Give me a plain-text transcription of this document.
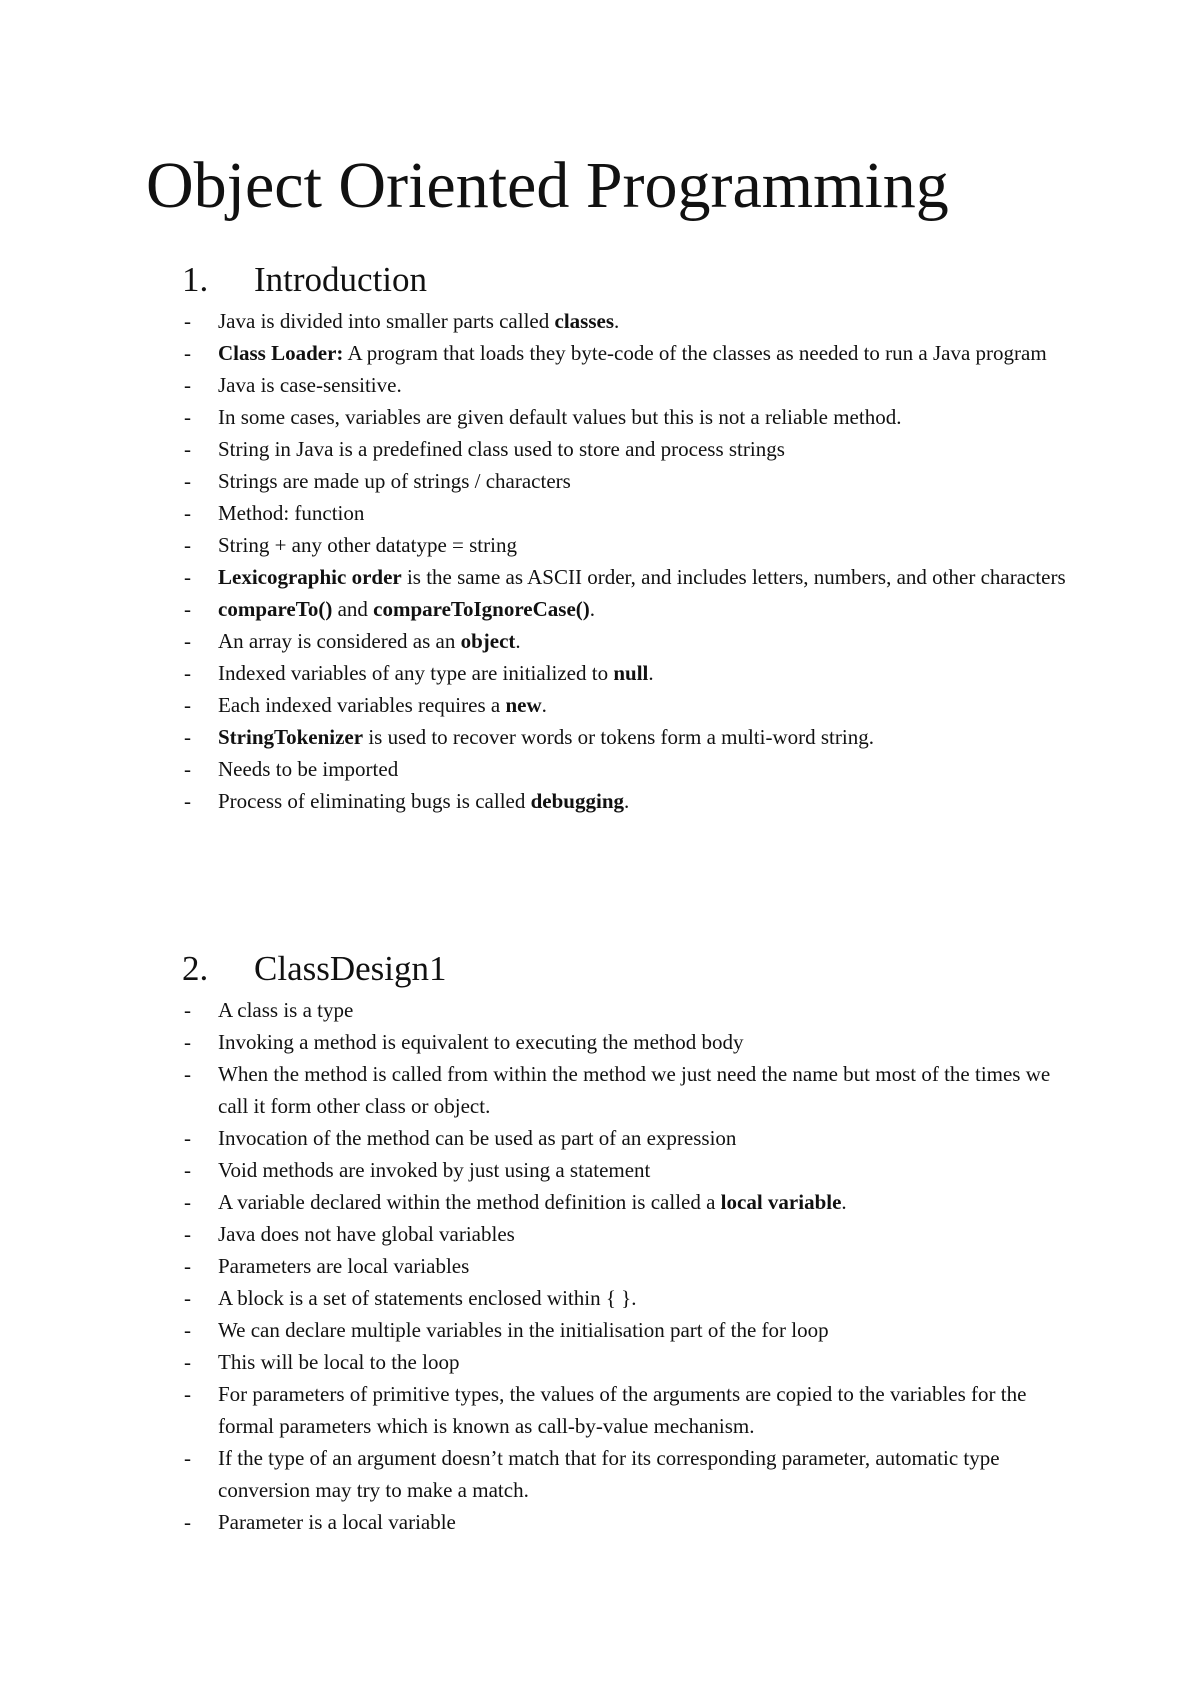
Object Oriented Programming
1. Introduction
- Java is divided into smaller parts called classes.
- Class Loader: A program that loads they byte-code of the classes as needed to run a Java program
- Java is case-sensitive.
- In some cases, variables are given default values but this is not a reliable method.
- String in Java is a predefined class used to store and process strings
- Strings are made up of strings / characters
- Method: function
- String + any other datatype = string
- Lexicographic order is the same as ASCII order, and includes letters, numbers, and other characters
- compareTo() and compareToIgnoreCase().
- An array is considered as an object.
- Indexed variables of any type are initialized to null.
- Each indexed variables requires a new.
- StringTokenizer is used to recover words or tokens form a multi-word string.
- Needs to be imported
- Process of eliminating bugs is called debugging.
2. ClassDesign1
- A class is a type
- Invoking a method is equivalent to executing the method body
- When the method is called from within the method we just need the name but most of the times we call it form other class or object.
- Invocation of the method can be used as part of an expression
- Void methods are invoked by just using a statement
- A variable declared within the method definition is called a local variable.
- Java does not have global variables
- Parameters are local variables
- A block is a set of statements enclosed within { }.
- We can declare multiple variables in the initialisation part of the for loop
- This will be local to the loop
- For parameters of primitive types, the values of the arguments are copied to the variables for the formal parameters which is known as call-by-value mechanism.
- If the type of an argument doesn’t match that for its corresponding parameter, automatic type conversion may try to make a match.
- Parameter is a local variable
